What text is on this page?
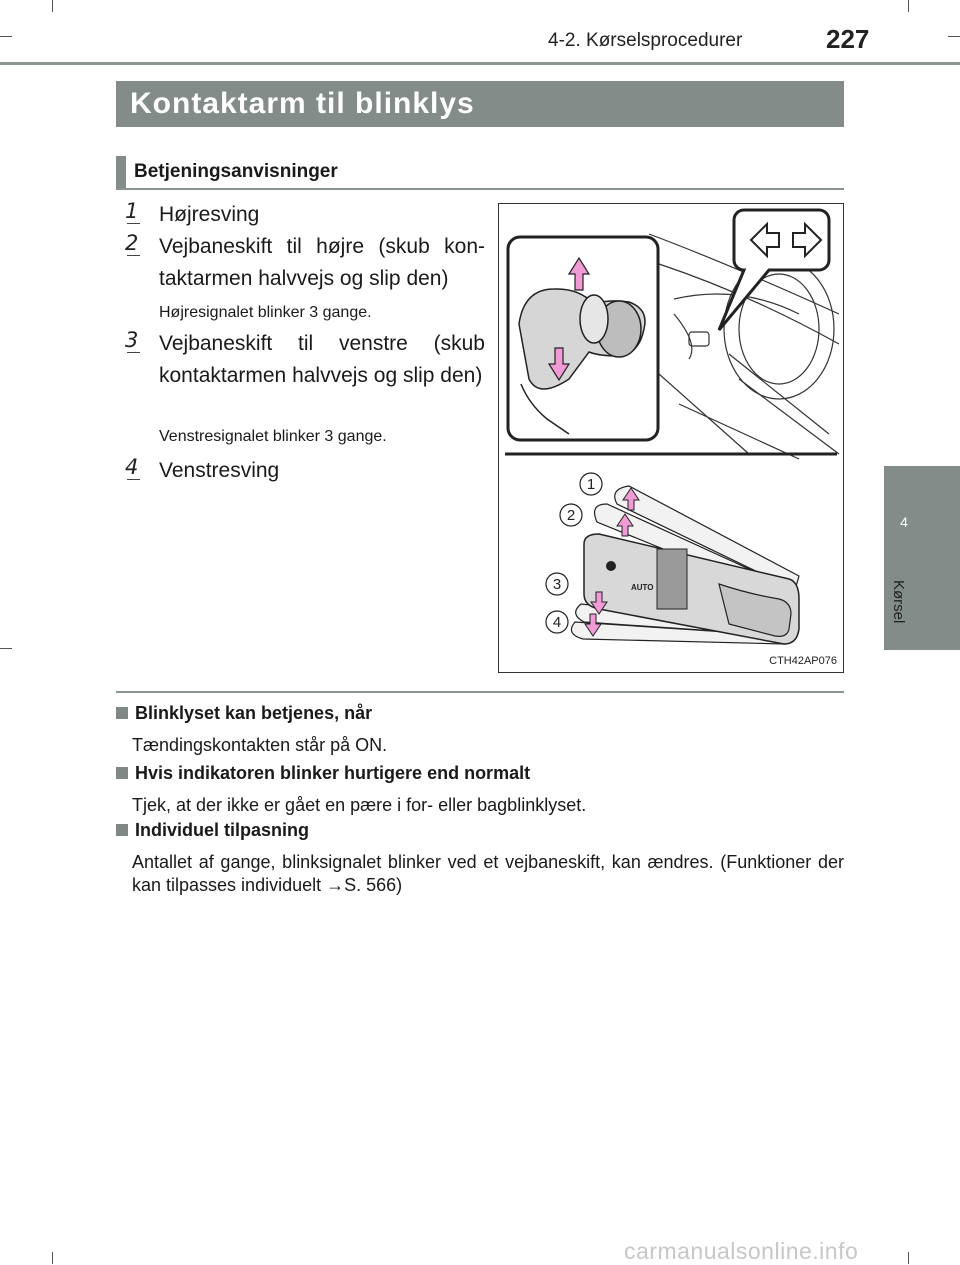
4-2. Kørselsprocedurer	227
Kontaktarm til blinklys
Betjeningsanvisninger
1 Højresving
2 Vejbaneskift til højre (skub kon-taktarmen halvvejs og slip den)
Højresignalet blinker 3 gange.
3 Vejbaneskift til venstre (skub kontaktarmen halvvejs og slip den)
Venstresignalet blinker 3 gange.
4 Venstresving
AUTO
1
2
3
4
CTH42AP076
Blinklyset kan betjenes, når
Tændingskontakten står på ON.
Hvis indikatoren blinker hurtigere end normalt
Tjek, at der ikke er gået en pære i for- eller bagblinklyset.
Individuel tilpasning
Antallet af gange, blinksignalet blinker ved et vejbaneskift, kan ændres. (Funktioner der kan tilpasses individuelt →S. 566)
4
Kørsel
carmanualsonline.info
